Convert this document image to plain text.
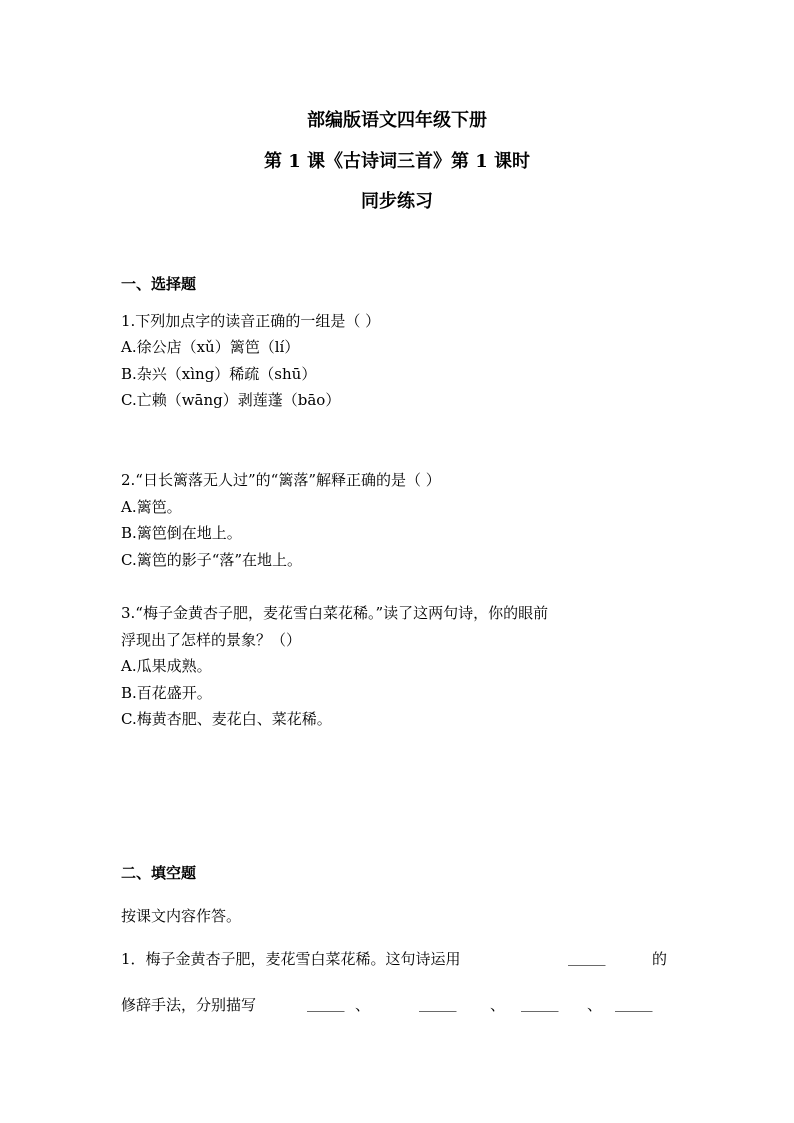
部编版语文四年级下册
第 1 课《古诗词三首》第 1 课时
同步练习
一、选择题
1.下列加点字的读音正确的一组是（ ）
A.徐公店（xǔ）篱笆（lí）
B.杂兴（xìng）稀疏（shū）
C.亡赖（wāng）剥莲蓬（bāo）
2.“日长篱落无人过”的“篱落”解释正确的是（ ）
A.篱笆。
B.篱笆倒在地上。
C.篱笆的影子“落”在地上。
3.“梅子金黄杏子肥，麦花雪白菜花稀。”读了这两句诗，你的眼前
浮现出了怎样的景象？（）
A.瓜果成熟。
B.百花盛开。
C.梅黄杏肥、麦花白、菜花稀。
二、填空题
按课文内容作答。
1．梅子金黄杏子肥，麦花雪白菜花稀。这句诗运用	_____	的
修辞手法，分别描写	_____ 、	_____ 、 _____ 、 _____
